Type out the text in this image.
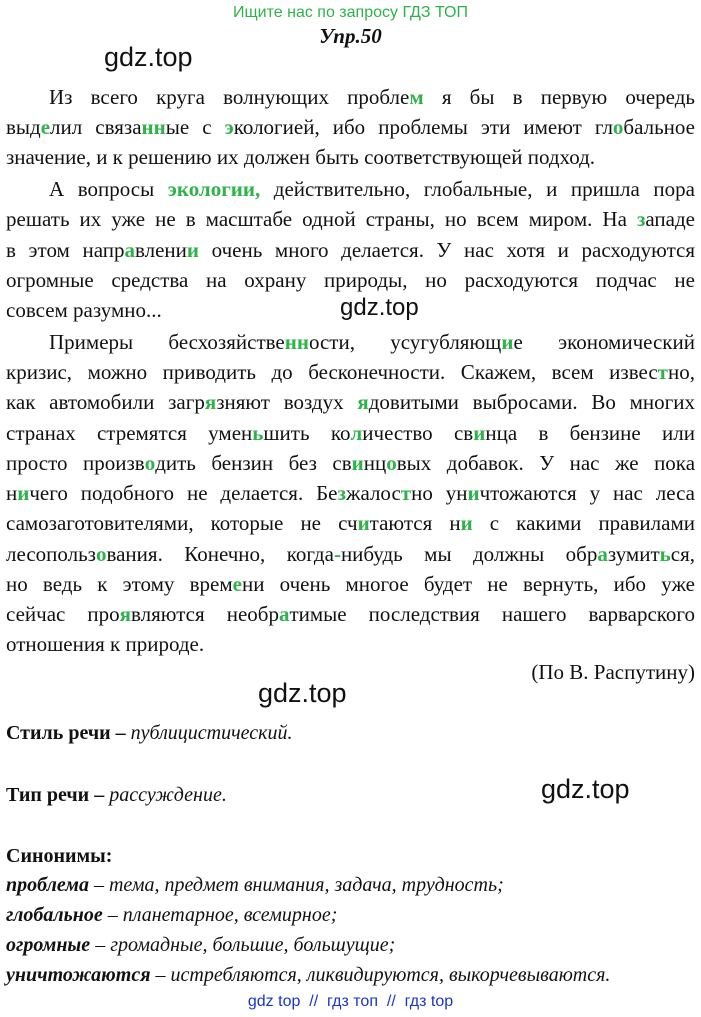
Ищите нас по запросу ГДЗ ТОП
Упр.50
gdz.top
gdz.top
gdz.top
gdz.top
Из всего круга волнующих проблем я бы в первую очередь
выделил связанные с экологией, ибо проблемы эти имеют глобальное
значение, и к решению их должен быть соответствующей подход.
А вопросы экологии, действительно, глобальные, и пришла пора
решать их уже не в масштабе одной страны, но всем миром. На западе
в этом направлении очень много делается. У нас хотя и расходуются
огромные средства на охрану природы, но расходуются подчас не
совсем разумно...
Примеры бесхозяйственности, усугубляющие экономический
кризис, можно приводить до бесконечности. Скажем, всем известно,
как автомобили загрязняют воздух ядовитыми выбросами. Во многих
странах стремятся уменьшить количество свинца в бензине или
просто производить бензин без свинцовых добавок. У нас же пока
ничего подобного не делается. Безжалостно уничтожаются у нас леса
самозаготовителями, которые не считаются ни с какими правилами
лесопользования. Конечно, когда-нибудь мы должны образумиться,
но ведь к этому времени очень многое будет не вернуть, ибо уже
сейчас проявляются необратимые последствия нашего варварского
отношения к природе.
(По В. Распутину)
Стиль речи – публицистический.
Тип речи – рассуждение.
Синонимы:
проблема – тема, предмет внимания, задача, трудность;
глобальное – планетарное, всемирное;
огромные – громадные, большие, большущие;
уничтожаются – истребляются, ликвидируются, выкорчевываются.
gdz top  //  гдз топ  //  гдз top
